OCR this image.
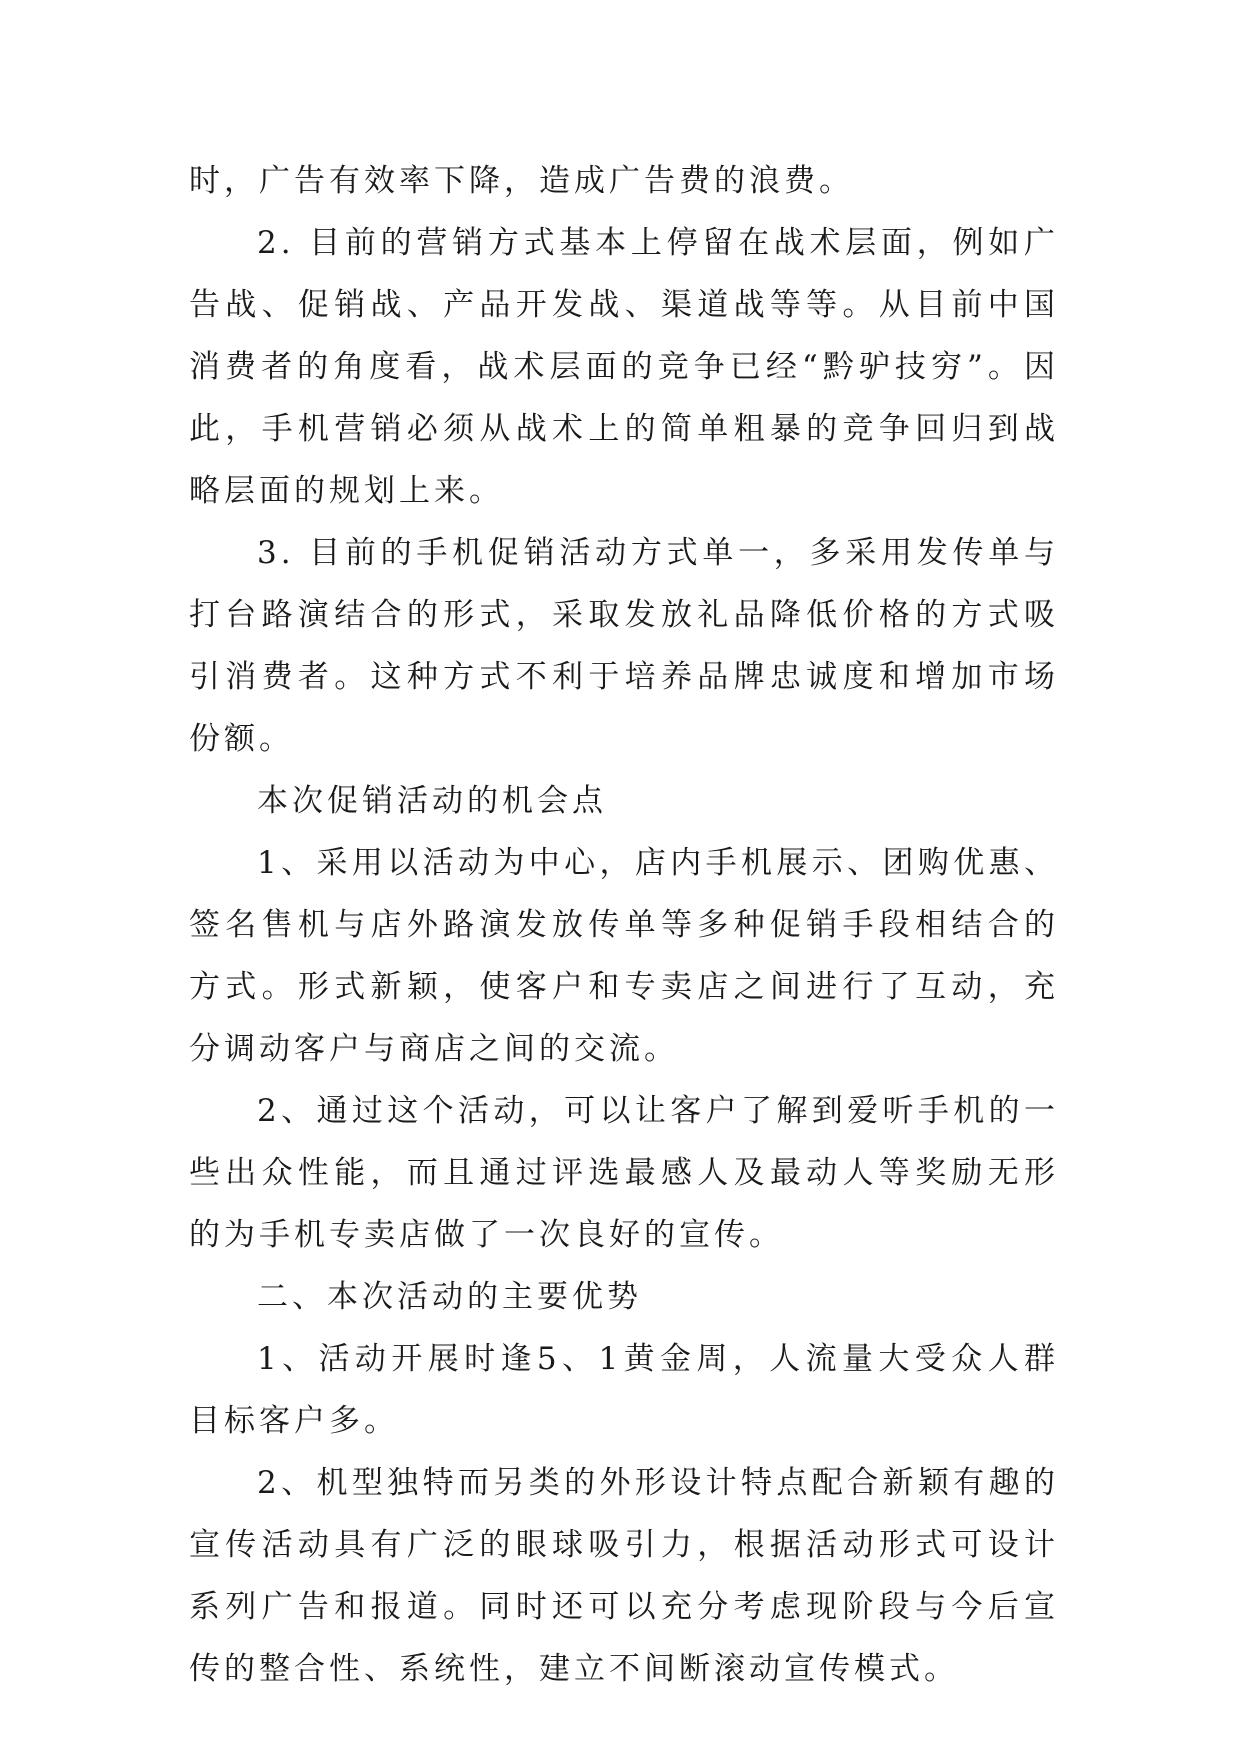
时，广告有效率下降，造成广告费的浪费。

2. 目前的营销方式基本上停留在战术层面，例如广告战、促销战、产品开发战、渠道战等等。从目前中国消费者的角度看，战术层面的竞争已经“黔驴技穷”。因此，手机营销必须从战术上的简单粗暴的竞争回归到战略层面的规划上来。

3. 目前的手机促销活动方式单一，多采用发传单与打台路演结合的形式，采取发放礼品降低价格的方式吸引消费者。这种方式不利于培养品牌忠诚度和增加市场份额。

本次促销活动的机会点

1、采用以活动为中心，店内手机展示、团购优惠、签名售机与店外路演发放传单等多种促销手段相结合的方式。形式新颖，使客户和专卖店之间进行了互动，充分调动客户与商店之间的交流。

2、通过这个活动，可以让客户了解到爱听手机的一些出众性能，而且通过评选最感人及最动人等奖励无形的为手机专卖店做了一次良好的宣传。

二、本次活动的主要优势

1、活动开展时逢5、1黄金周，人流量大受众人群目标客户多。

2、机型独特而另类的外形设计特点配合新颖有趣的宣传活动具有广泛的眼球吸引力，根据活动形式可设计系列广告和报道。同时还可以充分考虑现阶段与今后宣传的整合性、系统性，建立不间断滚动宣传模式。
